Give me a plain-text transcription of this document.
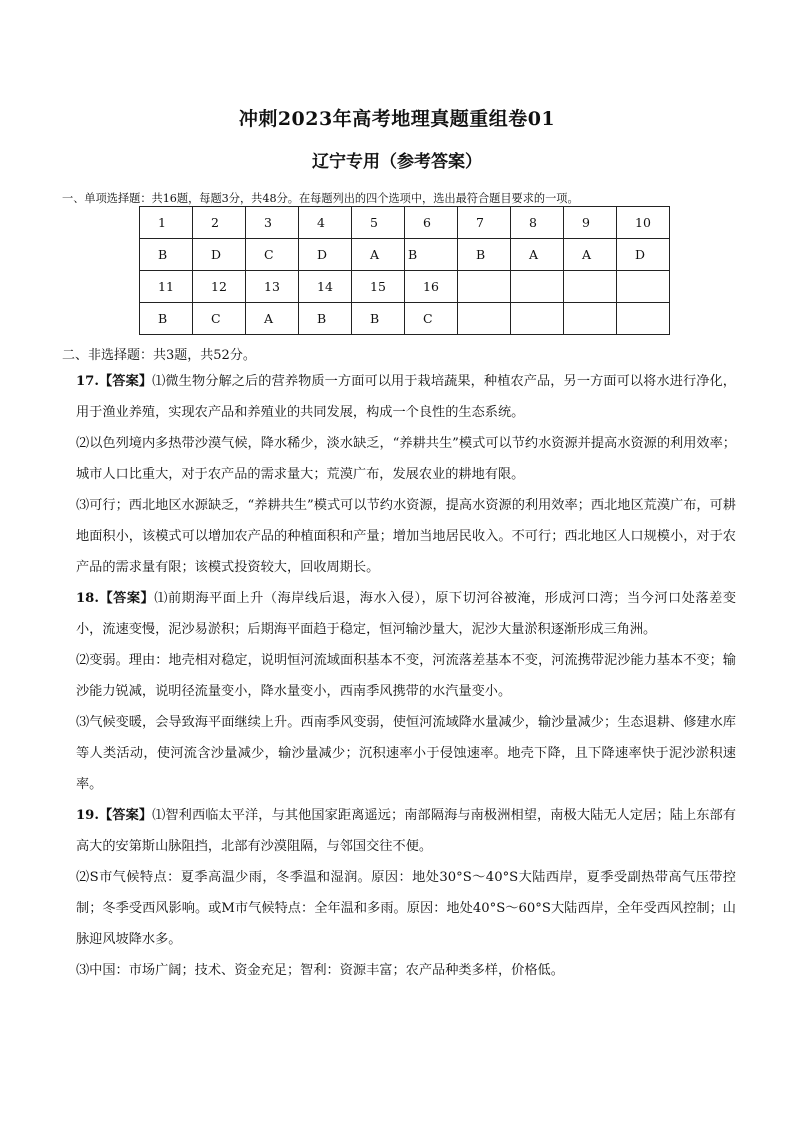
冲刺2023年高考地理真题重组卷01
辽宁专用（参考答案）
一、单项选择题：共16题，每题3分，共48分。在每题列出的四个选项中，选出最符合题目要求的一项。
1	2	3	4	5	6	7	8	9	10
B	D	C	D	A	B	B	A	A	D
11	12	13	14	15	16				
B	C	A	B	B	C				
二、非选择题：共3题，共52分。
17.【答案】⑴微生物分解之后的营养物质一方面可以用于栽培蔬果，种植农产品，另一方面可以将水进行净化，用于渔业养殖，实现农产品和养殖业的共同发展，构成一个良性的生态系统。
⑵以色列境内多热带沙漠气候，降水稀少，淡水缺乏，“养耕共生”模式可以节约水资源并提高水资源的利用效率；城市人口比重大，对于农产品的需求量大；荒漠广布，发展农业的耕地有限。
⑶可行；西北地区水源缺乏，“养耕共生”模式可以节约水资源，提高水资源的利用效率；西北地区荒漠广布，可耕地面积小，该模式可以增加农产品的种植面积和产量；增加当地居民收入。不可行；西北地区人口规模小，对于农产品的需求量有限；该模式投资较大，回收周期长。
18.【答案】⑴前期海平面上升（海岸线后退，海水入侵），原下切河谷被淹，形成河口湾；当今河口处落差变小，流速变慢，泥沙易淤积；后期海平面趋于稳定，恒河输沙量大，泥沙大量淤积逐渐形成三角洲。
⑵变弱。理由：地壳相对稳定，说明恒河流域面积基本不变，河流落差基本不变，河流携带泥沙能力基本不变；输沙能力锐减，说明径流量变小，降水量变小，西南季风携带的水汽量变小。
⑶气候变暖，会导致海平面继续上升。西南季风变弱，使恒河流域降水量减少，输沙量减少；生态退耕、修建水库等人类活动，使河流含沙量减少，输沙量减少；沉积速率小于侵蚀速率。地壳下降，且下降速率快于泥沙淤积速率。
19.【答案】⑴智利西临太平洋，与其他国家距离遥远；南部隔海与南极洲相望，南极大陆无人定居；陆上东部有高大的安第斯山脉阻挡，北部有沙漠阻隔，与邻国交往不便。
⑵S市气候特点：夏季高温少雨，冬季温和湿润。原因：地处30°S～40°S大陆西岸，夏季受副热带高气压带控制；冬季受西风影响。或M市气候特点：全年温和多雨。原因：地处40°S～60°S大陆西岸，全年受西风控制；山脉迎风坡降水多。
⑶中国：市场广阔；技术、资金充足；智利：资源丰富；农产品种类多样，价格低。
